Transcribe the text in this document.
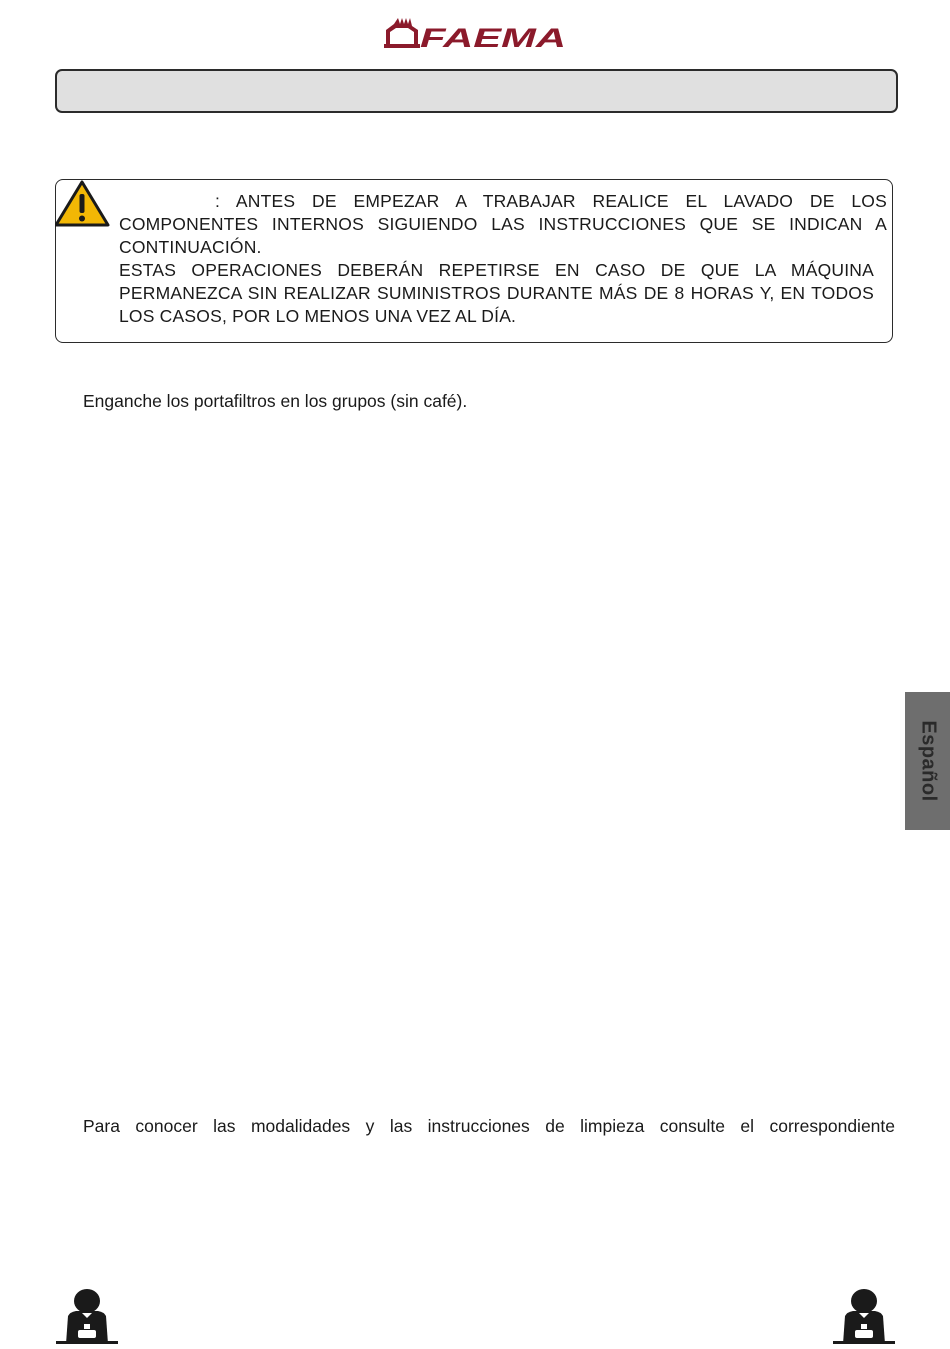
FAEMA

: ANTES DE EMPEZAR A TRABAJAR REALICE EL LAVADO DE LOS COMPONENTES INTERNOS SIGUIENDO LAS INSTRUCCIONES QUE SE INDICAN A CONTINUACIÓN.

ESTAS OPERACIONES DEBERÁN REPETIRSE EN CASO DE QUE LA MÁQUINA PERMANEZCA SIN REALIZAR SUMINISTROS DURANTE MÁS DE 8 HORAS Y, EN TODOS LOS CASOS, POR LO MENOS UNA VEZ AL DÍA.

Enganche los portafiltros en los grupos (sin café).
Para conocer las modalidades y las instrucciones de limpieza consulte el correspondiente
Español
